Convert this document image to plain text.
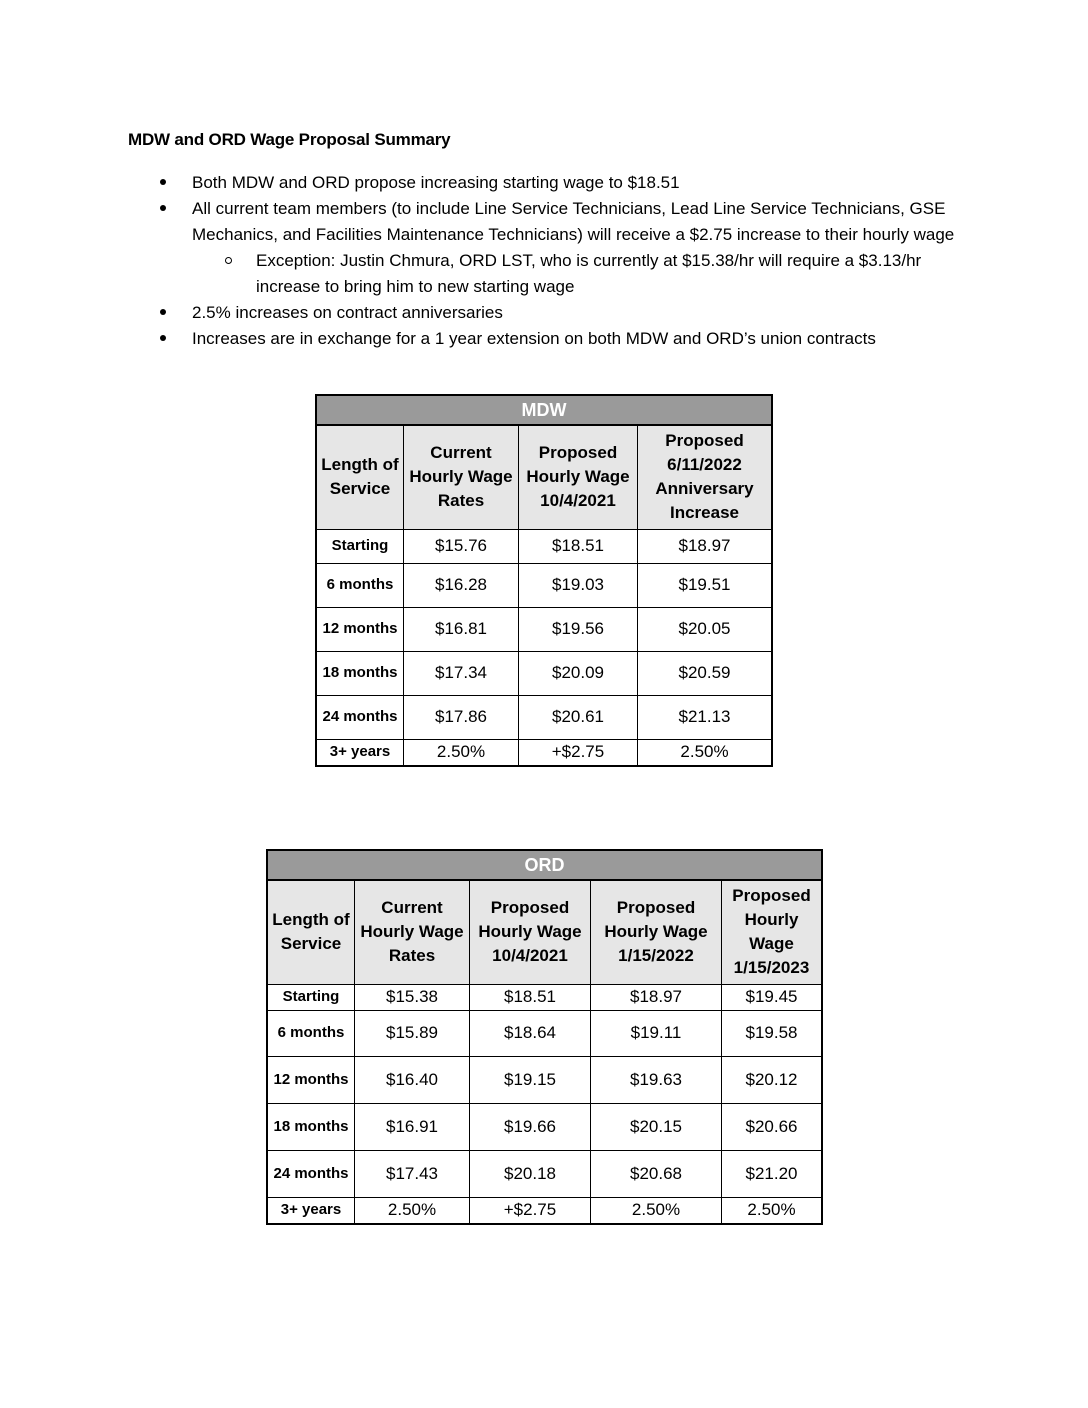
MDW and ORD Wage Proposal Summary
Both MDW and ORD propose increasing starting wage to $18.51
All current team members (to include Line Service Technicians, Lead Line Service Technicians, GSE Mechanics, and Facilities Maintenance Technicians) will receive a $2.75 increase to their hourly wage
Exception: Justin Chmura, ORD LST, who is currently at $15.38/hr will require a $3.13/hr increase to bring him to new starting wage
2.5% increases on contract anniversaries
Increases are in exchange for a 1 year extension on both MDW and ORD’s union contracts
MDW			
Length of Service	Current Hourly Wage Rates	Proposed Hourly Wage 10/4/2021	Proposed 6/11/2022 Anniversary Increase
Starting	$15.76	$18.51	$18.97
6 months	$16.28	$19.03	$19.51
12 months	$16.81	$19.56	$20.05
18 months	$17.34	$20.09	$20.59
24 months	$17.86	$20.61	$21.13
3+ years	2.50%	+$2.75	2.50%
ORD				
Length of Service	Current Hourly Wage Rates	Proposed Hourly Wage 10/4/2021	Proposed Hourly Wage 1/15/2022	Proposed Hourly Wage 1/15/2023
Starting	$15.38	$18.51	$18.97	$19.45
6 months	$15.89	$18.64	$19.11	$19.58
12 months	$16.40	$19.15	$19.63	$20.12
18 months	$16.91	$19.66	$20.15	$20.66
24 months	$17.43	$20.18	$20.68	$21.20
3+ years	2.50%	+$2.75	2.50%	2.50%
